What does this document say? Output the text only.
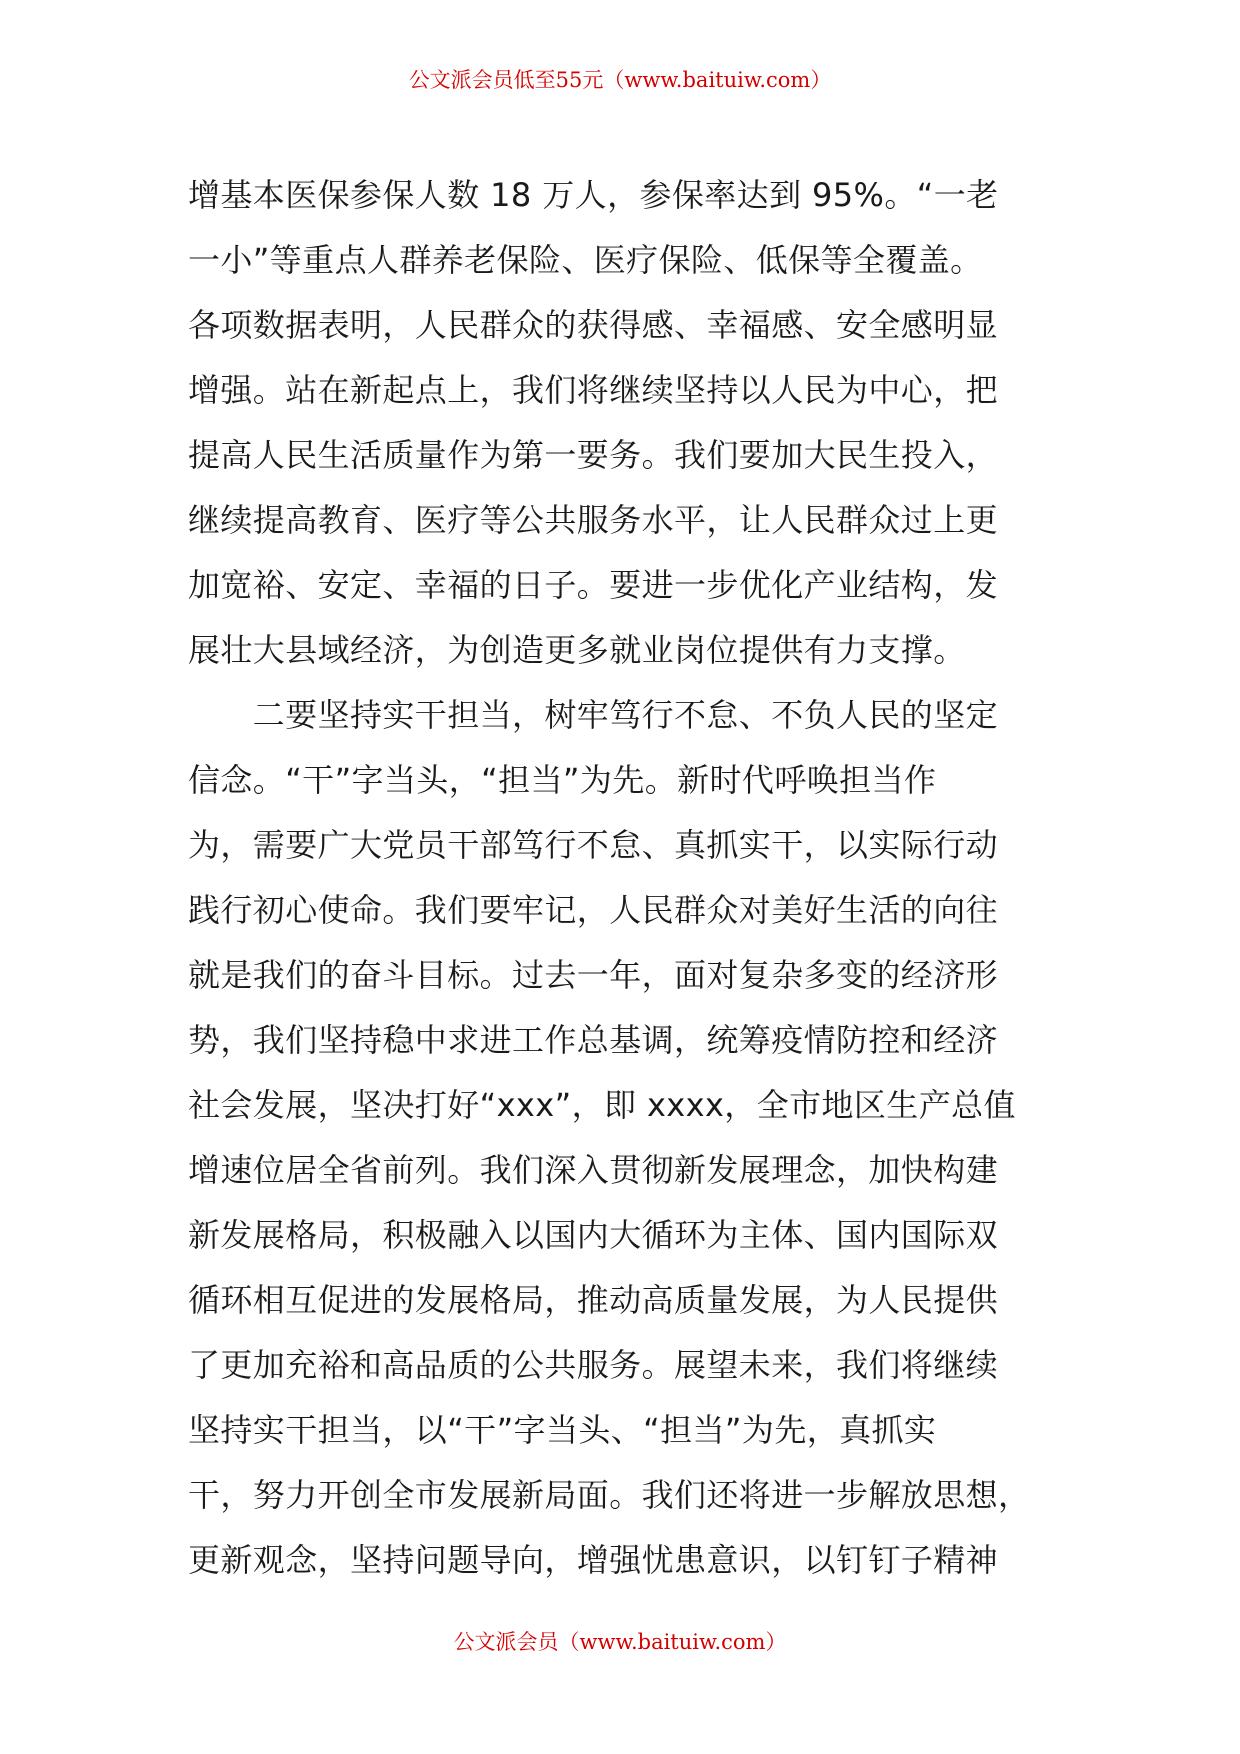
公文派会员低至55元（www.baituiw.com）
增基本医保参保人数 18 万人，参保率达到 95%。“一老
一小”等重点人群养老保险、医疗保险、低保等全覆盖。
各项数据表明，人民群众的获得感、幸福感、安全感明显
增强。站在新起点上，我们将继续坚持以人民为中心，把
提高人民生活质量作为第一要务。我们要加大民生投入，
继续提高教育、医疗等公共服务水平，让人民群众过上更
加宽裕、安定、幸福的日子。要进一步优化产业结构，发
展壮大县域经济，为创造更多就业岗位提供有力支撑。
　　二要坚持实干担当，树牢笃行不怠、不负人民的坚定
信念。“干”字当头，“担当”为先。新时代呼唤担当作
为，需要广大党员干部笃行不怠、真抓实干，以实际行动
践行初心使命。我们要牢记，人民群众对美好生活的向往
就是我们的奋斗目标。过去一年，面对复杂多变的经济形
势，我们坚持稳中求进工作总基调，统筹疫情防控和经济
社会发展，坚决打好“xxx”，即 xxxx，全市地区生产总值
增速位居全省前列。我们深入贯彻新发展理念，加快构建
新发展格局，积极融入以国内大循环为主体、国内国际双
循环相互促进的发展格局，推动高质量发展，为人民提供
了更加充裕和高品质的公共服务。展望未来，我们将继续
坚持实干担当，以“干”字当头、“担当”为先，真抓实
干，努力开创全市发展新局面。我们还将进一步解放思想，
更新观念，坚持问题导向，增强忧患意识，以钉钉子精神
公文派会员（www.baituiw.com）
